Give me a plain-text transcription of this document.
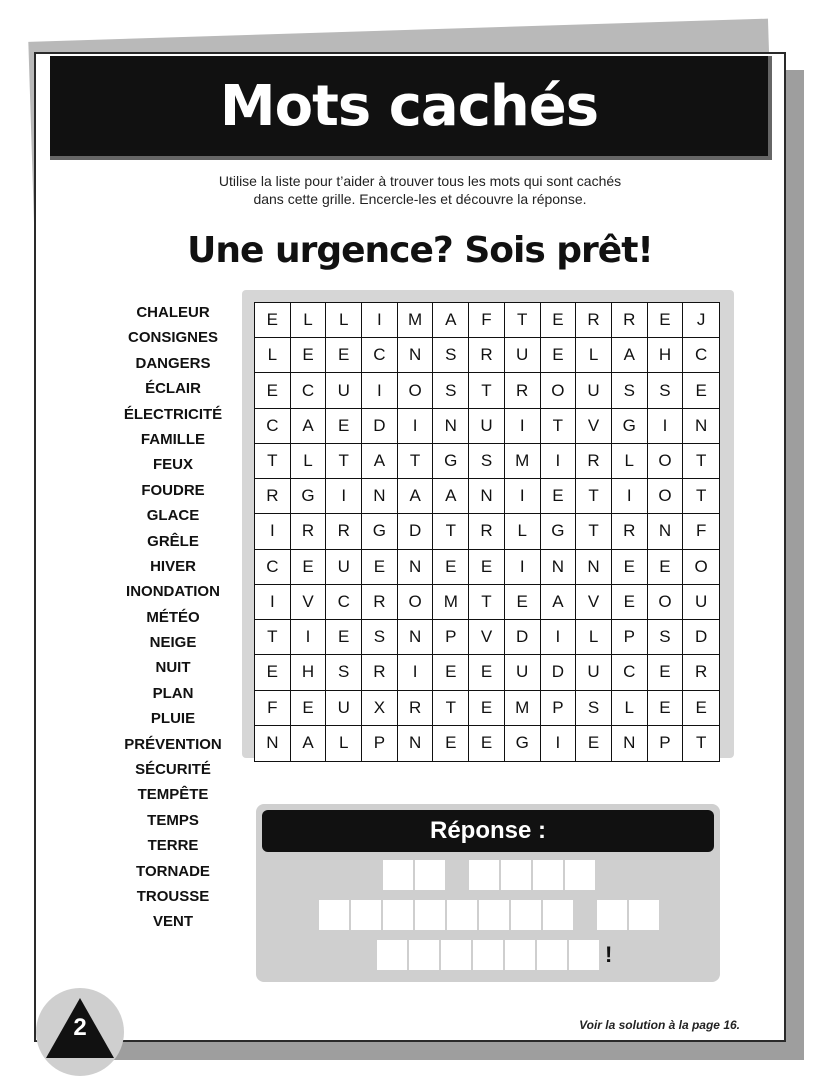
Mots cachés
Utilise la liste pour t’aider à trouver tous les mots qui sont cachés
dans cette grille. Encercle-les et découvre la réponse.
Une urgence? Sois prêt!
CHALEUR
CONSIGNES
DANGERS
ÉCLAIR
ÉLECTRICITÉ
FAMILLE
FEUX
FOUDRE
GLACE
GRÊLE
HIVER
INONDATION
MÉTÉO
NEIGE
NUIT
PLAN
PLUIE
PRÉVENTION
SÉCURITÉ
TEMPÊTE
TEMPS
TERRE
TORNADE
TROUSSE
VENT
E	L	L	I	M	A	F	T	E	R	R	E	J
L	E	E	C	N	S	R	U	E	L	A	H	C
E	C	U	I	O	S	T	R	O	U	S	S	E
C	A	E	D	I	N	U	I	T	V	G	I	N
T	L	T	A	T	G	S	M	I	R	L	O	T
R	G	I	N	A	A	N	I	E	T	I	O	T
I	R	R	G	D	T	R	L	G	T	R	N	F
C	E	U	E	N	E	E	I	N	N	E	E	O
I	V	C	R	O	M	T	E	A	V	E	O	U
T	I	E	S	N	P	V	D	I	L	P	S	D
E	H	S	R	I	E	E	U	D	U	C	E	R
F	E	U	X	R	T	E	M	P	S	L	E	E
N	A	L	P	N	E	E	G	I	E	N	P	T
Réponse :
!
2	Voir la solution à la page 16.
